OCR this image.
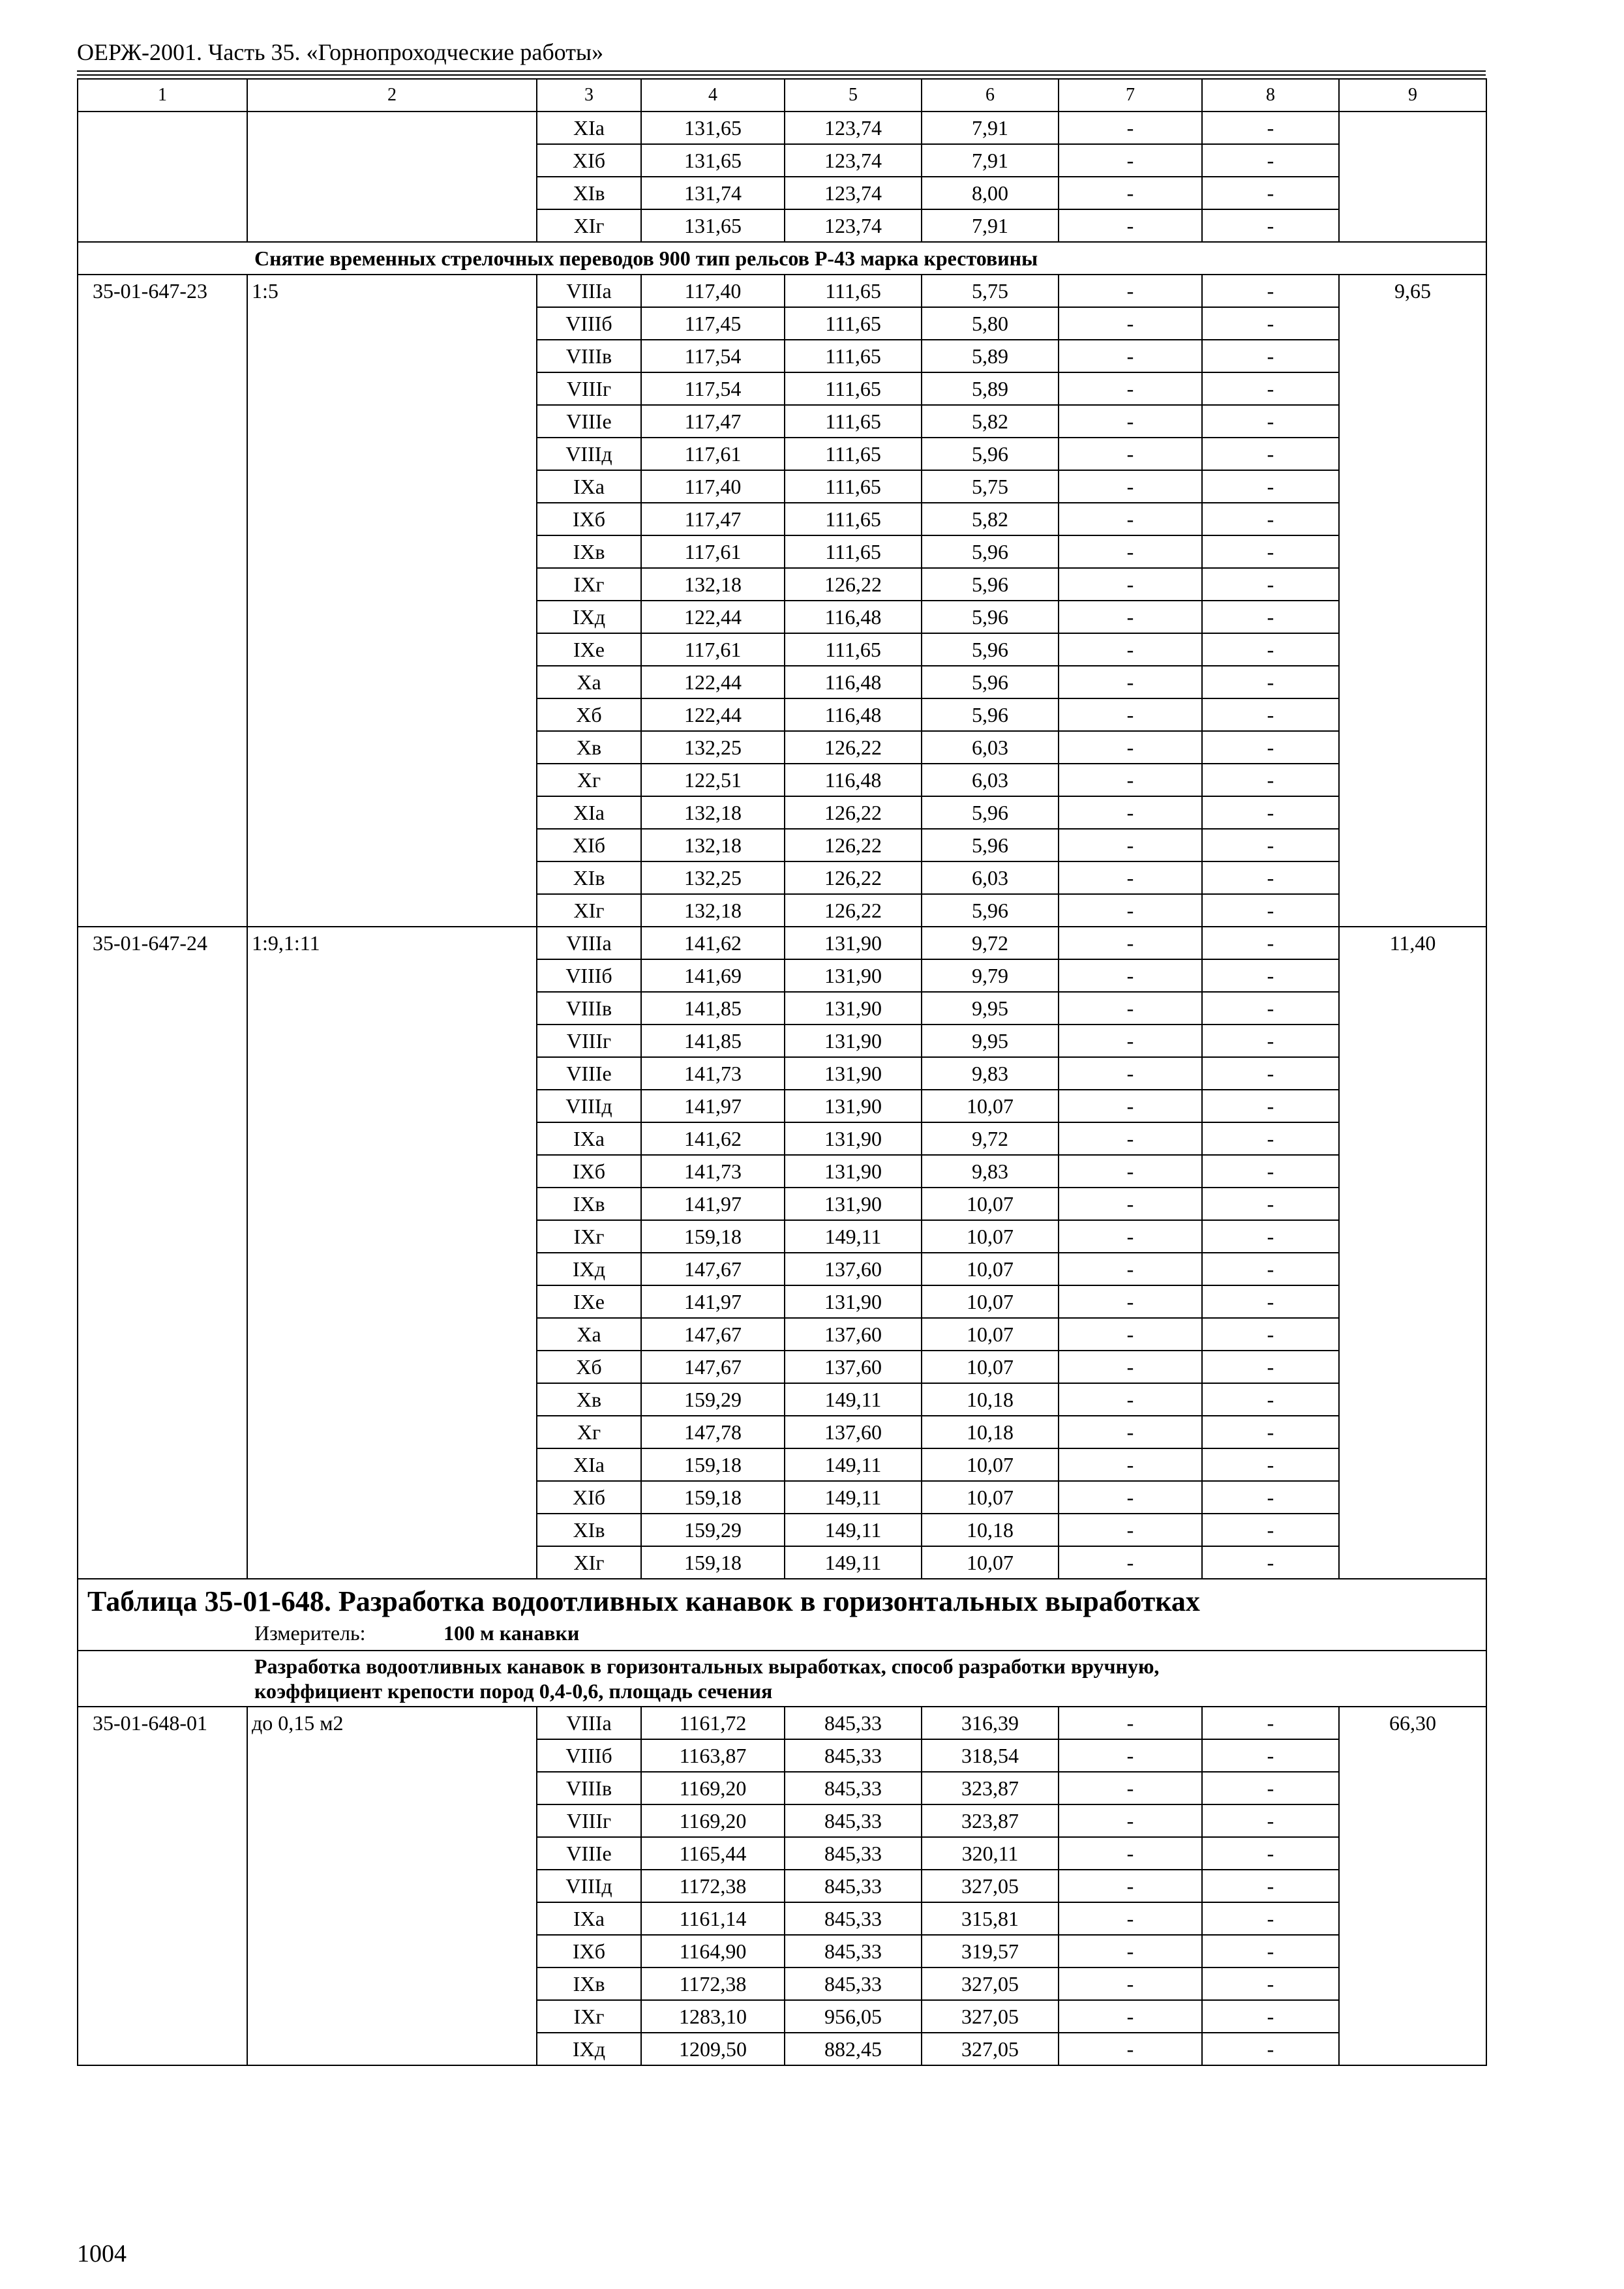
ОЕРЖ-2001. Часть 35. «Горнопроходческие работы»
1	2	3	4	5	6	7	8	9
		XIа	131,65	123,74	7,91	-	-	
		XIб	131,65	123,74	7,91	-	-	
		XIв	131,74	123,74	8,00	-	-	
		XIг	131,65	123,74	7,91	-	-	

Снятие временных стрелочных переводов 900 тип рельсов Р-43 марка крестовины								

35-01-647-23	1:5	VIIIа	117,40	111,65	5,75	-	-	9,65
		VIIIб	117,45	111,65	5,80	-	-	
		VIIIв	117,54	111,65	5,89	-	-	
		VIIIг	117,54	111,65	5,89	-	-	
		VIIIе	117,47	111,65	5,82	-	-	
		VIIIд	117,61	111,65	5,96	-	-	
		IXа	117,40	111,65	5,75	-	-	
		IXб	117,47	111,65	5,82	-	-	
		IXв	117,61	111,65	5,96	-	-	
		IXг	132,18	126,22	5,96	-	-	
		IXд	122,44	116,48	5,96	-	-	
		IXе	117,61	111,65	5,96	-	-	
		Xа	122,44	116,48	5,96	-	-	
		Xб	122,44	116,48	5,96	-	-	
		Xв	132,25	126,22	6,03	-	-	
		Xг	122,51	116,48	6,03	-	-	
		XIа	132,18	126,22	5,96	-	-	
		XIб	132,18	126,22	5,96	-	-	
		XIв	132,25	126,22	6,03	-	-	
		XIг	132,18	126,22	5,96	-	-	
35-01-647-24	1:9,1:11	VIIIа	141,62	131,90	9,72	-	-	11,40
		VIIIб	141,69	131,90	9,79	-	-	
		VIIIв	141,85	131,90	9,95	-	-	
		VIIIг	141,85	131,90	9,95	-	-	
		VIIIе	141,73	131,90	9,83	-	-	
		VIIIд	141,97	131,90	10,07	-	-	
		IXа	141,62	131,90	9,72	-	-	
		IXб	141,73	131,90	9,83	-	-	
		IXв	141,97	131,90	10,07	-	-	
		IXг	159,18	149,11	10,07	-	-	
		IXд	147,67	137,60	10,07	-	-	
		IXе	141,97	131,90	10,07	-	-	
		Xа	147,67	137,60	10,07	-	-	
		Xб	147,67	137,60	10,07	-	-	
		Xв	159,29	149,11	10,18	-	-	
		Xг	147,78	137,60	10,18	-	-	
		XIа	159,18	149,11	10,07	-	-	
		XIб	159,18	149,11	10,07	-	-	
		XIв	159,29	149,11	10,18	-	-	
		XIг	159,18	149,11	10,07	-	-	

Таблица 35-01-648. Разработка водоотливных канавок в горизонтальных выработках
Измеритель: 100 м канавки								

Разработка водоотливных канавок в горизонтальных выработках, способ разработки вручную,
коэффициент крепости пород 0,4-0,6, площадь сечения								

35-01-648-01	до 0,15 м2	VIIIа	1161,72	845,33	316,39	-	-	66,30
		VIIIб	1163,87	845,33	318,54	-	-	
		VIIIв	1169,20	845,33	323,87	-	-	
		VIIIг	1169,20	845,33	323,87	-	-	
		VIIIе	1165,44	845,33	320,11	-	-	
		VIIIд	1172,38	845,33	327,05	-	-	
		IXа	1161,14	845,33	315,81	-	-	
		IXб	1164,90	845,33	319,57	-	-	
		IXв	1172,38	845,33	327,05	-	-	
		IXг	1283,10	956,05	327,05	-	-	
		IXд	1209,50	882,45	327,05	-	-	
1004
